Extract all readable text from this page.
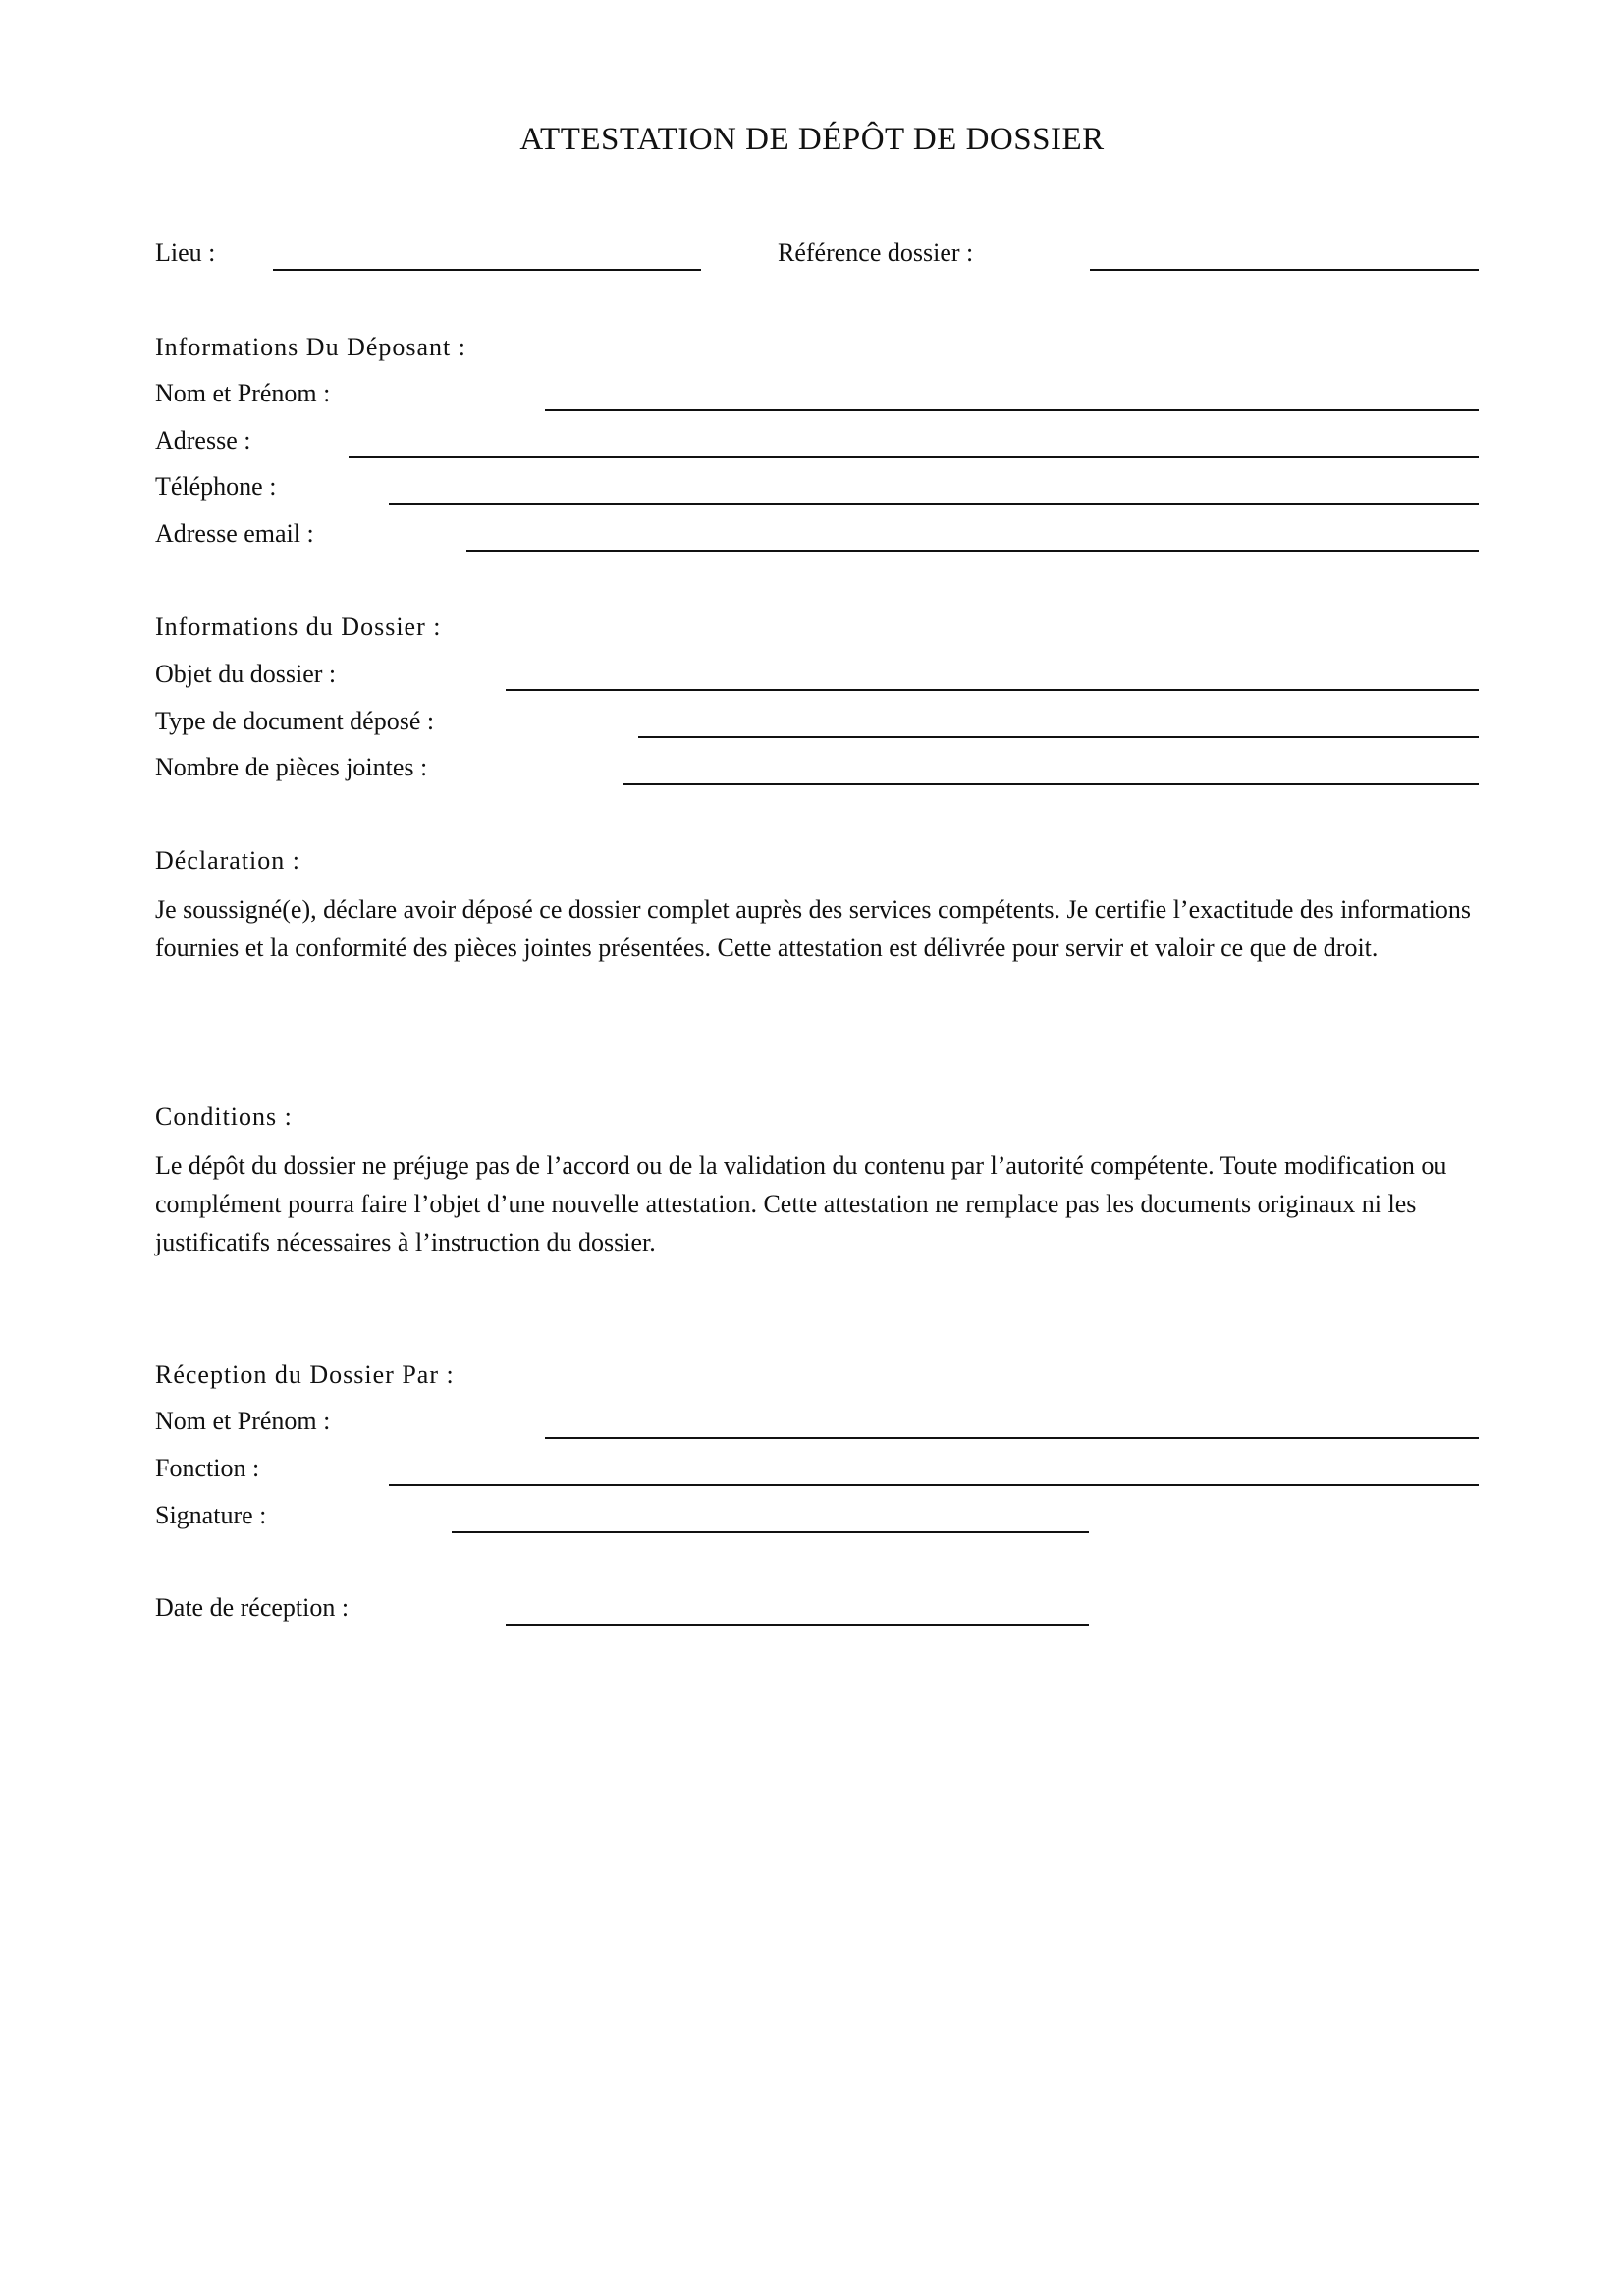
ATTESTATION DE DÉPÔT DE DOSSIER
Lieu :	Référence dossier :
Informations Du Déposant :
Nom et Prénom :
Adresse :
Téléphone :
Adresse email :
Informations du Dossier :
Objet du dossier :
Type de document déposé :
Nombre de pièces jointes :
Déclaration :
Je soussigné(e), déclare avoir déposé ce dossier complet auprès des services compétents. Je certifie l’exactitude des informations fournies et la conformité des pièces jointes présentées. Cette attestation est délivrée pour servir et valoir ce que de droit.
Conditions :
Le dépôt du dossier ne préjuge pas de l’accord ou de la validation du contenu par l’autorité compétente. Toute modification ou complément pourra faire l’objet d’une nouvelle attestation. Cette attestation ne remplace pas les documents originaux ni les justificatifs nécessaires à l’instruction du dossier.
Réception du Dossier Par :
Nom et Prénom :
Fonction :
Signature :
Date de réception :
